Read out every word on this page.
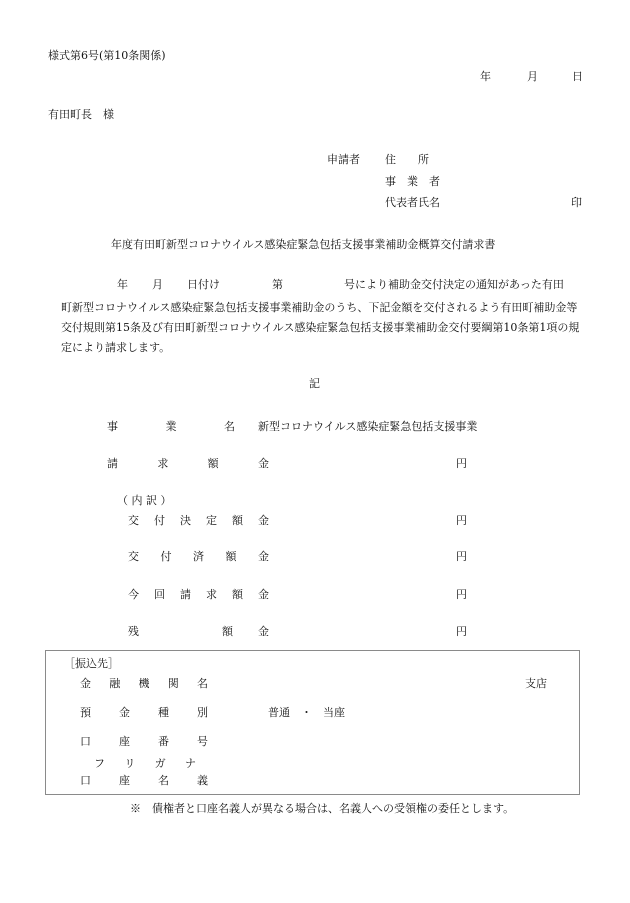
様式第6号(第10条関係)
年	月	日
有田町長　様
申請者 住　　所
事　業　者
代表者氏名	印
年度有田町新型コロナウイルス感染症緊急包括支援事業補助金概算交付請求書
年 月 日付け	第	号により補助金交付決定の通知があった有田
町新型コロナウイルス感染症緊急包括支援事業補助金のうち、下記金額を交付されるよう有田町補助金等交付規則第15条及び有田町新型コロナウイルス感染症緊急包括支援事業補助金交付要綱第10条第1項の規定により請求します。
記
事	業	名 新型コロナウイルス感染症緊急包括支援事業
請	求	額	金	円
（ 内 訳 ）
交 付 決 定 額 金	円
交 付 済 額 金	円
今 回 請 求 額 金	円
残	額 金	円
［振込先］
金 融 機 関 名	支店
預	金	種	別	普通　・　当座
口	座	番	号
フ リ ガ ナ
口	座	名	義
※　債権者と口座名義人が異なる場合は、名義人への受領権の委任とします。
